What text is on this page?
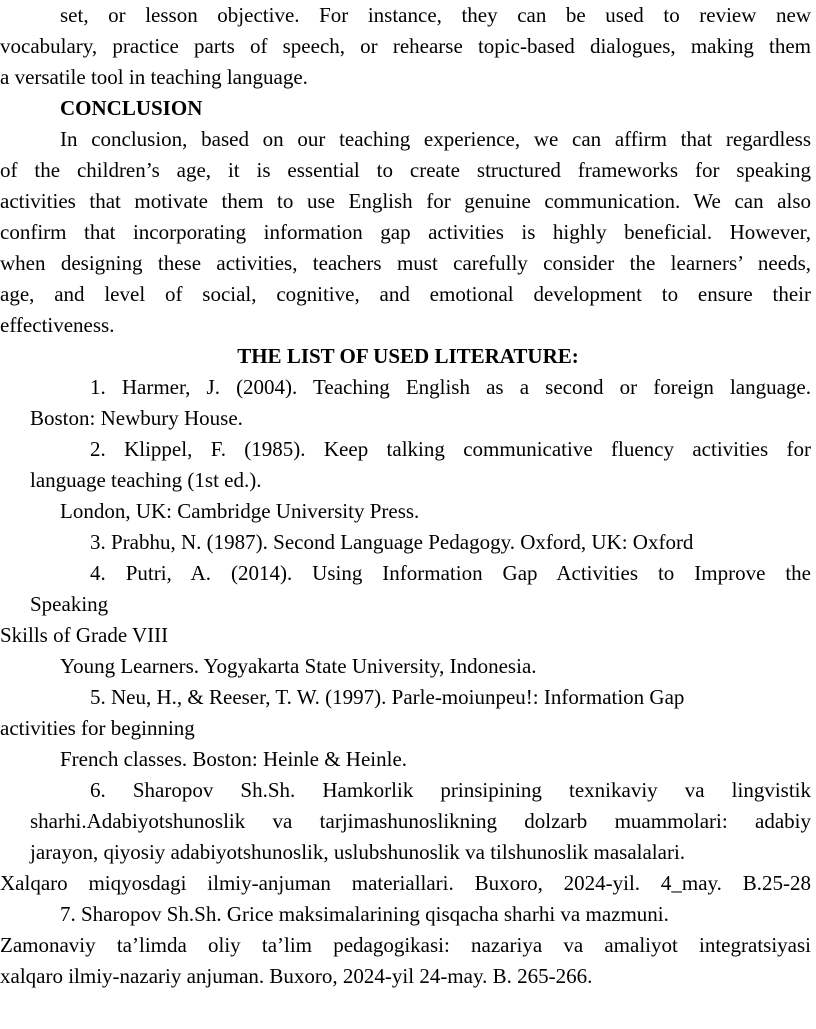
set, or lesson objective. For instance, they can be used to review new
vocabulary, practice parts of speech, or rehearse topic-based dialogues, making them
a versatile tool in teaching language.
CONCLUSION
In conclusion, based on our teaching experience, we can affirm that regardless
of the children’s age, it is essential to create structured frameworks for speaking
activities that motivate them to use English for genuine communication. We can also
confirm that incorporating information gap activities is highly beneficial. However,
when designing these activities, teachers must carefully consider the learners’ needs,
age, and level of social, cognitive, and emotional development to ensure their
effectiveness.
THE LIST OF USED LITERATURE:
1. Harmer, J. (2004). Teaching English as a second or foreign language.
Boston: Newbury House.
2. Klippel, F. (1985). Keep talking communicative fluency activities for
language teaching (1st ed.).
London, UK: Cambridge University Press.
3. Prabhu, N. (1987). Second Language Pedagogy. Oxford, UK: Oxford
4. Putri, A. (2014). Using Information Gap Activities to Improve the
Speaking
Skills of Grade VIII
Young Learners. Yogyakarta State University, Indonesia.
5. Neu, H., & Reeser, T. W. (1997). Parle-moiunpeu!: Information Gap
activities for beginning
French classes. Boston: Heinle & Heinle.
6. Sharopov Sh.Sh. Hamkorlik prinsipining texnikaviy va lingvistik
sharhi.Adabiyotshunoslik va tarjimashunoslikning dolzarb muammolari: adabiy
jarayon, qiyosiy adabiyotshunoslik, uslubshunoslik va tilshunoslik masalalari.
Xalqaro miqyosdagi ilmiy-anjuman materiallari. Buxoro, 2024-yil. 4_may. B.25-28
7. Sharopov Sh.Sh. Grice maksimalarining qisqacha sharhi va mazmuni.
Zamonaviy ta’limda oliy ta’lim pedagogikasi: nazariya va amaliyot integratsiyasi
xalqaro ilmiy-nazariy anjuman. Buxoro, 2024-yil 24-may. B. 265-266.
